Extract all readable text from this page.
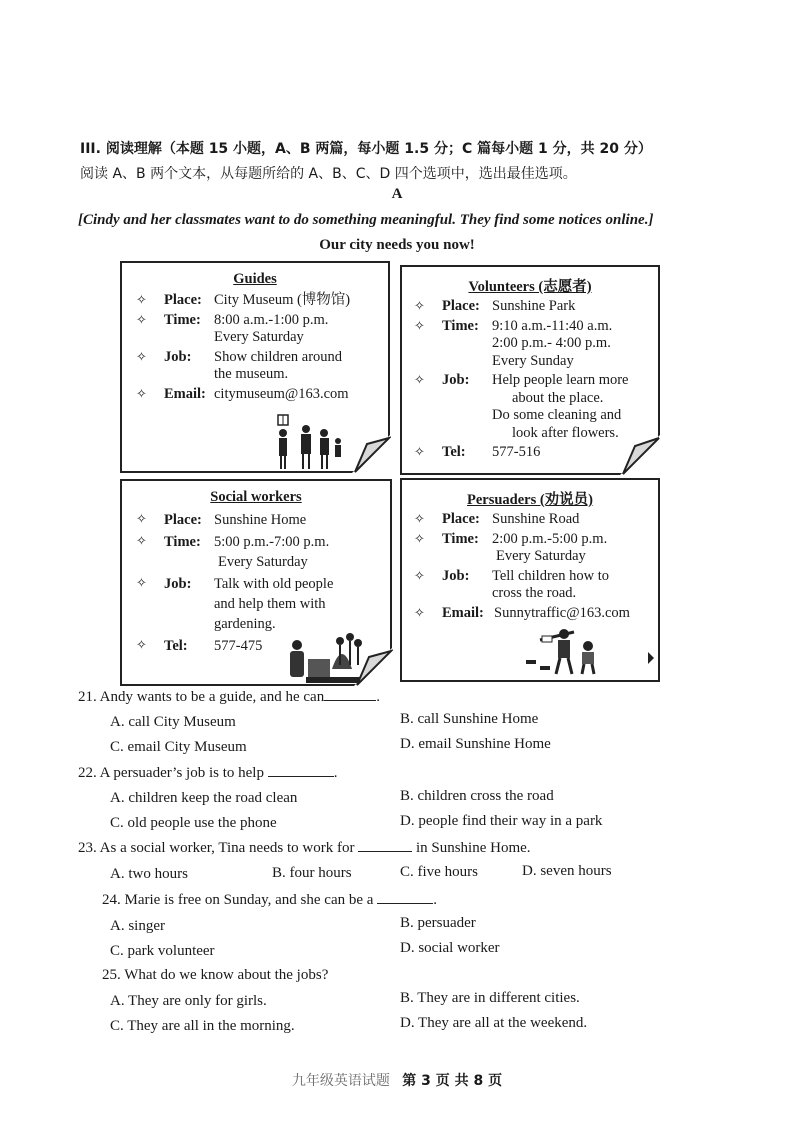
III. 阅读理解（本题 15 小题，A、B 两篇，每小题 1.5 分；C 篇每小题 1 分，共 20 分）
阅读 A、B 两个文本，从每题所给的 A、B、C、D 四个选项中，选出最佳选项。
A
[Cindy and her classmates want to do something meaningful. They find some notices online.]
Our city needs you now!
Guides
✧	Place: City Museum (博物馆)
✧	Time: 8:00 a.m.-1:00 p.m.
Every Saturday
✧	Job:	Show children around
the museum.
✧	Email: citymuseum@163.com
Volunteers (志愿者)
✧	Place: Sunshine Park
✧	Time: 9:10 a.m.-11:40 a.m.
2:00 p.m.- 4:00 p.m.
Every Sunday
✧	Job:	Help people learn more
about the place.
Do some cleaning and
look after flowers.
✧	Tel:	577-516
Social workers
✧	Place: Sunshine Home
✧	Time: 5:00 p.m.-7:00 p.m.
Every Saturday
✧	Job:	Talk with old people
and help them with
gardening.
✧	Tel:	577-475
Persuaders (劝说员)
✧	Place: Sunshine Road
✧	Time: 2:00 p.m.-5:00 p.m.
Every Saturday
✧	Job:	Tell children how to
cross the road.
✧	Email: Sunnytraffic@163.com
21. Andy wants to be a guide, and he can	.
A. call City Museum	B. call Sunshine Home
C. email City Museum	D. email Sunshine Home
22. A persuader’s job is to help	.
A. children keep the road clean	B. children cross the road
C. old people use the phone	D. people find their way in a park
23. As a social worker, Tina needs to work for	in Sunshine Home.
A. two hours	B. four hours	C. five hours	D. seven hours
24. Marie is free on Sunday, and she can be a	.
A. singer	B. persuader
C. park volunteer	D. social worker
25. What do we know about the jobs?
A. They are only for girls.	B. They are in different cities.
C. They are all in the morning.	D. They are all at the weekend.
九年级英语试题 第 3 页 共 8 页
